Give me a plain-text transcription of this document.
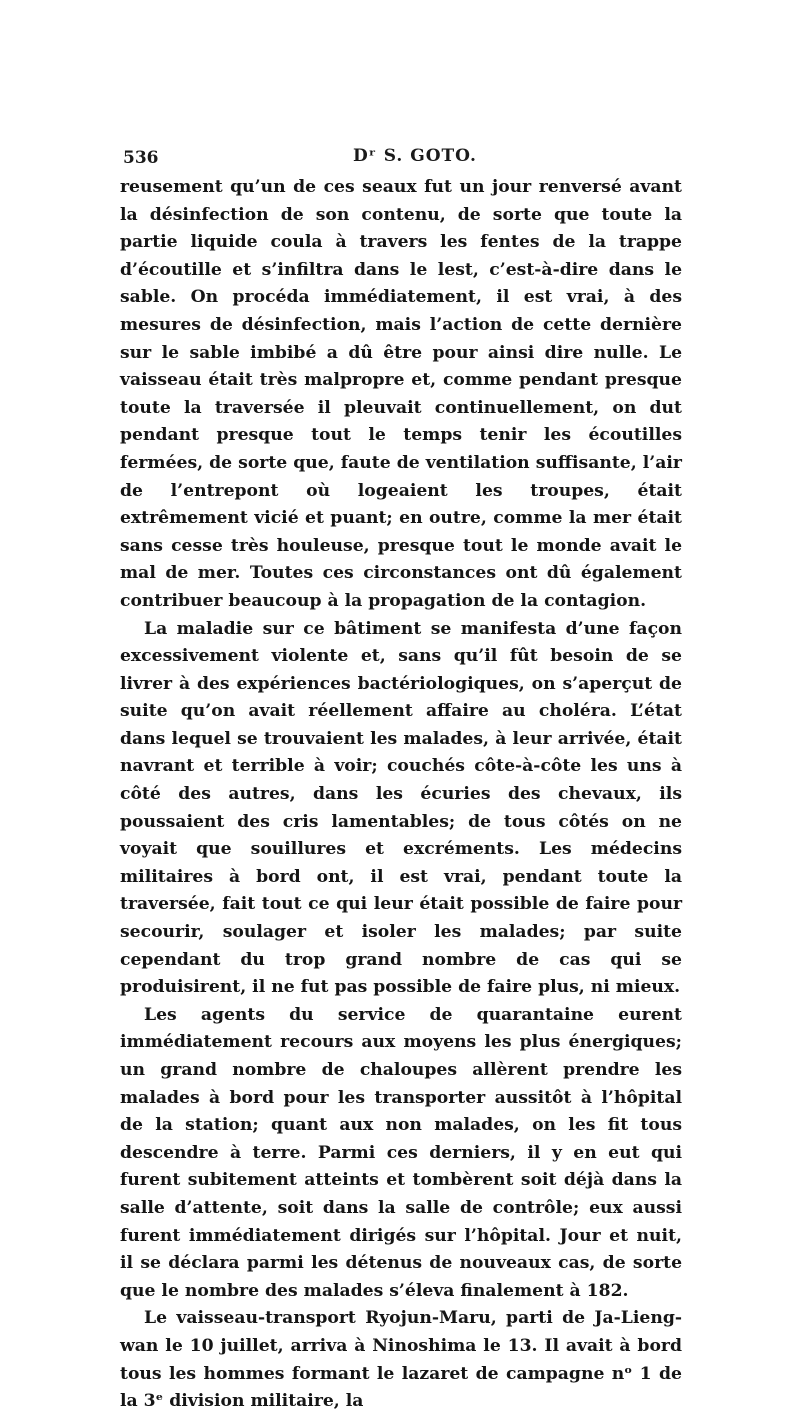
536	Dʳ S. GOTO.

reusement qu’un de ces seaux fut un jour renversé avant la désinfection de son contenu, de sorte que toute la partie liquide coula à travers les fentes de la trappe d’écoutille et s’infiltra dans le lest, c’est-à-dire dans le sable. On procéda immédiatement, il est vrai, à des mesures de désinfection, mais l’action de cette dernière sur le sable imbibé a dû être pour ainsi dire nulle. Le vaisseau était très malpropre et, comme pendant presque toute la traversée il pleuvait continuellement, on dut pendant presque tout le temps tenir les écoutilles fermées, de sorte que, faute de ventilation suffisante, l’air de l’entrepont où logeaient les troupes, était extrêmement vicié et puant; en outre, comme la mer était sans cesse très houleuse, presque tout le monde avait le mal de mer. Toutes ces circonstances ont dû également contribuer beaucoup à la propagation de la contagion.

La maladie sur ce bâtiment se manifesta d’une façon excessivement violente et, sans qu’il fût besoin de se livrer à des expériences bactériologiques, on s’aperçut de suite qu’on avait réellement affaire au choléra. L’état dans lequel se trouvaient les malades, à leur arrivée, était navrant et terrible à voir; couchés côte-à-côte les uns à côté des autres, dans les écuries des chevaux, ils poussaient des cris lamentables; de tous côtés on ne voyait que souillures et excréments. Les médecins militaires à bord ont, il est vrai, pendant toute la traversée, fait tout ce qui leur était possible de faire pour secourir, soulager et isoler les malades; par suite cependant du trop grand nombre de cas qui se produisirent, il ne fut pas possible de faire plus, ni mieux.

Les agents du service de quarantaine eurent immédiatement recours aux moyens les plus énergiques; un grand nombre de chaloupes allèrent prendre les malades à bord pour les transporter aussitôt à l’hôpital de la station; quant aux non malades, on les fit tous descendre à terre. Parmi ces derniers, il y en eut qui furent subitement atteints et tombèrent soit déjà dans la salle d’attente, soit dans la salle de contrôle; eux aussi furent immédiatement dirigés sur l’hôpital. Jour et nuit, il se déclara parmi les détenus de nouveaux cas, de sorte que le nombre des malades s’éleva finalement à 182.

Le vaisseau-transport Ryojun-Maru, parti de Ja-Lieng-wan le 10 juillet, arriva à Ninoshima le 13. Il avait à bord tous les hommes formant le lazaret de campagne nᵒ 1 de la 3ᵉ division militaire, la
